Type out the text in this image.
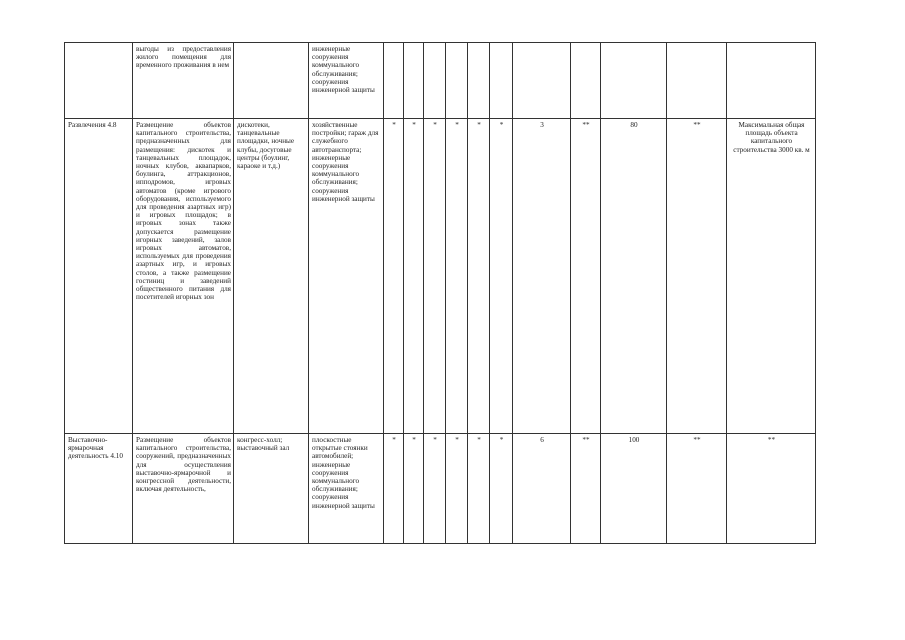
	выгоды из предоставления жилого помещения для временного проживания в нем		инженерные сооружения коммунального обслуживания; сооружения инженерной защиты											
Развлечения 4.8	Размещение объектов капитального строительства, предназначенных для размещения: дискотек и танцевальных площадок, ночных клубов, аквапарков, боулинга, аттракционов, ипподромов, игровых автоматов (кроме игрового оборудования, используемого для проведения азартных игр) и игровых площадок; в игровых зонах также допускается размещение игорных заведений, залов игровых автоматов, используемых для проведения азартных игр, и игровых столов, а также размещение гостиниц и заведений общественного питания для посетителей игорных зон	дискотеки, танцевальные площадки, ночные клубы, досуговые центры (боулинг, караоке и т.д.)	хозяйственные постройки; гараж для служебного автотранспорта; инженерные сооружения коммунального обслуживания; сооружения инженерной защиты	*	*	*	*	*	*	3	**	80	**	Максимальная общая площадь объекта капитального строительства 3000 кв. м
Выставочно-ярмарочная деятельность 4.10	Размещение объектов капитального строительства, сооружений, предназначенных для осуществления выставочно-ярмарочной и конгрессной деятельности, включая деятельность,	конгресс-холл; выставочный зал	плоскостные открытые стоянки автомобилей; инженерные сооружения коммунального обслуживания; сооружения инженерной защиты	*	*	*	*	*	*	6	**	100	**	**
